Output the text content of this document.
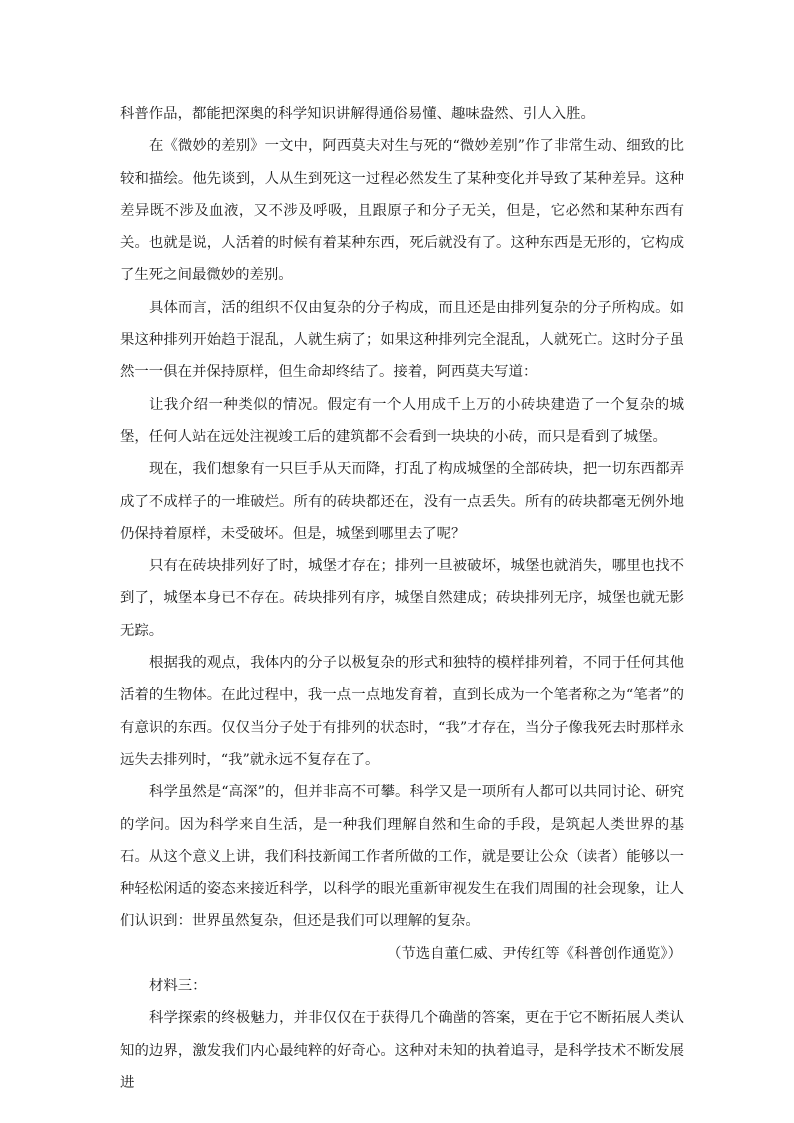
科普作品，都能把深奥的科学知识讲解得通俗易懂、趣味盎然、引人入胜。

在《微妙的差别》一文中，阿西莫夫对生与死的“微妙差别”作了非常生动、细致的比较和描绘。他先谈到，人从生到死这一过程必然发生了某种变化并导致了某种差异。这种差异既不涉及血液，又不涉及呼吸，且跟原子和分子无关，但是，它必然和某种东西有关。也就是说，人活着的时候有着某种东西，死后就没有了。这种东西是无形的，它构成了生死之间最微妙的差别。

具体而言，活的组织不仅由复杂的分子构成，而且还是由排列复杂的分子所构成。如果这种排列开始趋于混乱，人就生病了；如果这种排列完全混乱，人就死亡。这时分子虽然一一俱在并保持原样，但生命却终结了。接着，阿西莫夫写道：

让我介绍一种类似的情况。假定有一个人用成千上万的小砖块建造了一个复杂的城堡，任何人站在远处注视竣工后的建筑都不会看到一块块的小砖，而只是看到了城堡。

现在，我们想象有一只巨手从天而降，打乱了构成城堡的全部砖块，把一切东西都弄成了不成样子的一堆破烂。所有的砖块都还在，没有一点丢失。所有的砖块都毫无例外地仍保持着原样，未受破坏。但是，城堡到哪里去了呢？

只有在砖块排列好了时，城堡才存在；排列一旦被破坏，城堡也就消失，哪里也找不到了，城堡本身已不存在。砖块排列有序，城堡自然建成；砖块排列无序，城堡也就无影无踪。

根据我的观点，我体内的分子以极复杂的形式和独特的模样排列着，不同于任何其他活着的生物体。在此过程中，我一点一点地发育着，直到长成为一个笔者称之为“笔者”的有意识的东西。仅仅当分子处于有排列的状态时，“我”才存在，当分子像我死去时那样永远失去排列时，“我”就永远不复存在了。

科学虽然是“高深”的，但并非高不可攀。科学又是一项所有人都可以共同讨论、研究的学问。因为科学来自生活，是一种我们理解自然和生命的手段，是筑起人类世界的基石。从这个意义上讲，我们科技新闻工作者所做的工作，就是要让公众（读者）能够以一种轻松闲适的姿态来接近科学，以科学的眼光重新审视发生在我们周围的社会现象，让人们认识到：世界虽然复杂，但还是我们可以理解的复杂。

（节选自董仁威、尹传红等《科普创作通览》）

材料三：

科学探索的终极魅力，并非仅仅在于获得几个确凿的答案，更在于它不断拓展人类认知的边界，激发我们内心最纯粹的好奇心。这种对未知的执着追寻，是科学技术不断发展进
